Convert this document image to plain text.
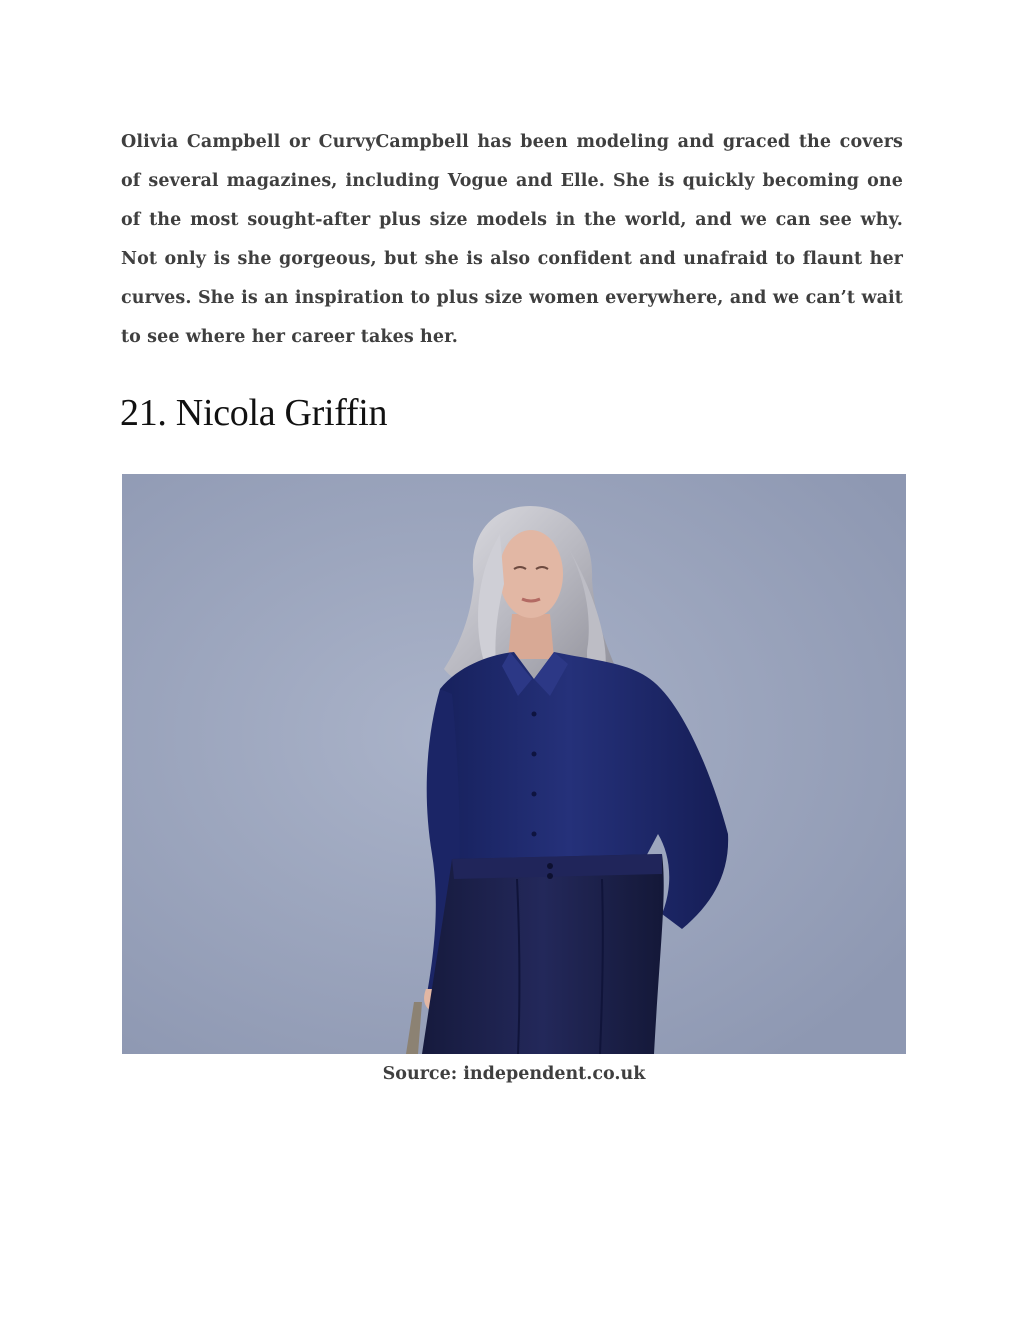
Olivia Campbell or CurvyCampbell has been modeling and graced the covers of several magazines, including Vogue and Elle. She is quickly becoming one of the most sought-after plus size models in the world, and we can see why. Not only is she gorgeous, but she is also confident and unafraid to flaunt her curves. She is an inspiration to plus size women everywhere, and we can’t wait to see where her career takes her.

21. Nicola Griffin

Source: independent.co.uk
